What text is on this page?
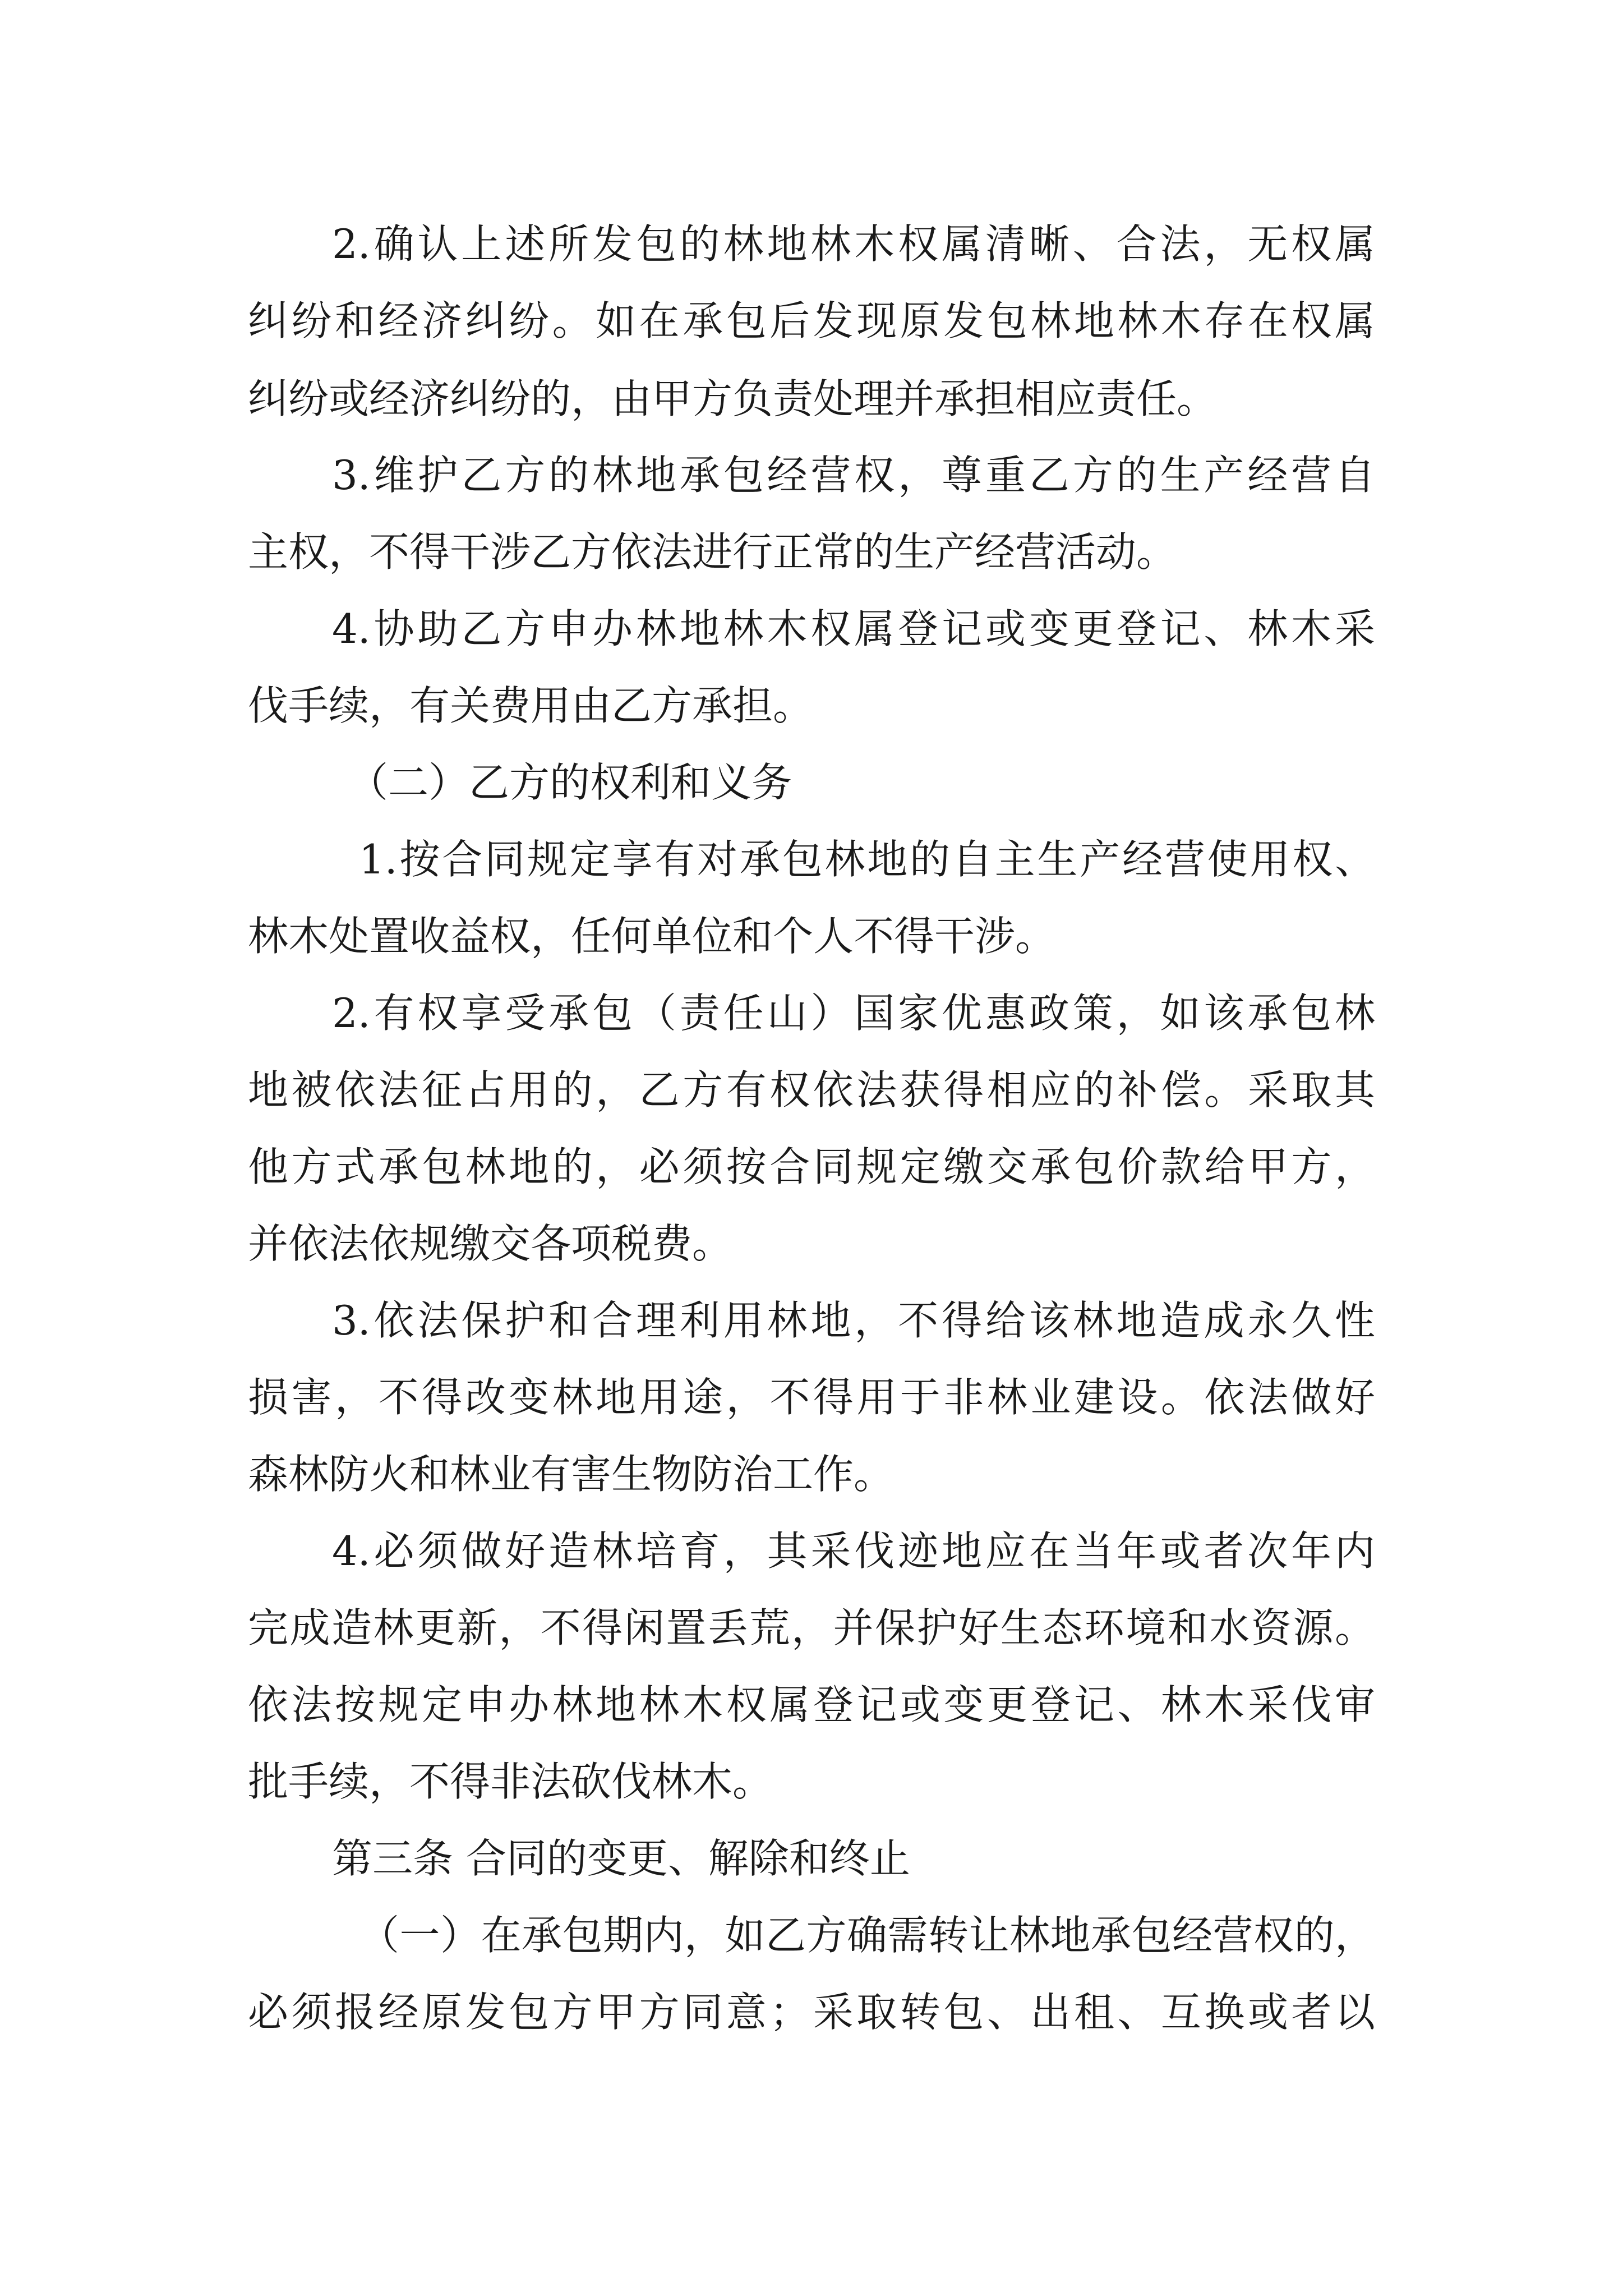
2.确认上述所发包的林地林木权属清晰、合法，无权属
纠纷和经济纠纷。如在承包后发现原发包林地林木存在权属
纠纷或经济纠纷的，由甲方负责处理并承担相应责任。
3.维护乙方的林地承包经营权，尊重乙方的生产经营自
主权，不得干涉乙方依法进行正常的生产经营活动。
4.协助乙方申办林地林木权属登记或变更登记、林木采
伐手续，有关费用由乙方承担。
（二）乙方的权利和义务
1.按合同规定享有对承包林地的自主生产经营使用权、
林木处置收益权，任何单位和个人不得干涉。
2.有权享受承包（责任山）国家优惠政策，如该承包林
地被依法征占用的，乙方有权依法获得相应的补偿。采取其
他方式承包林地的，必须按合同规定缴交承包价款给甲方，
并依法依规缴交各项税费。
3.依法保护和合理利用林地，不得给该林地造成永久性
损害，不得改变林地用途，不得用于非林业建设。依法做好
森林防火和林业有害生物防治工作。
4.必须做好造林培育，其采伐迹地应在当年或者次年内
完成造林更新，不得闲置丢荒，并保护好生态环境和水资源。
依法按规定申办林地林木权属登记或变更登记、林木采伐审
批手续，不得非法砍伐林木。
第三条 合同的变更、解除和终止
（一）在承包期内，如乙方确需转让林地承包经营权的，
必须报经原发包方甲方同意；采取转包、出租、互换或者以
